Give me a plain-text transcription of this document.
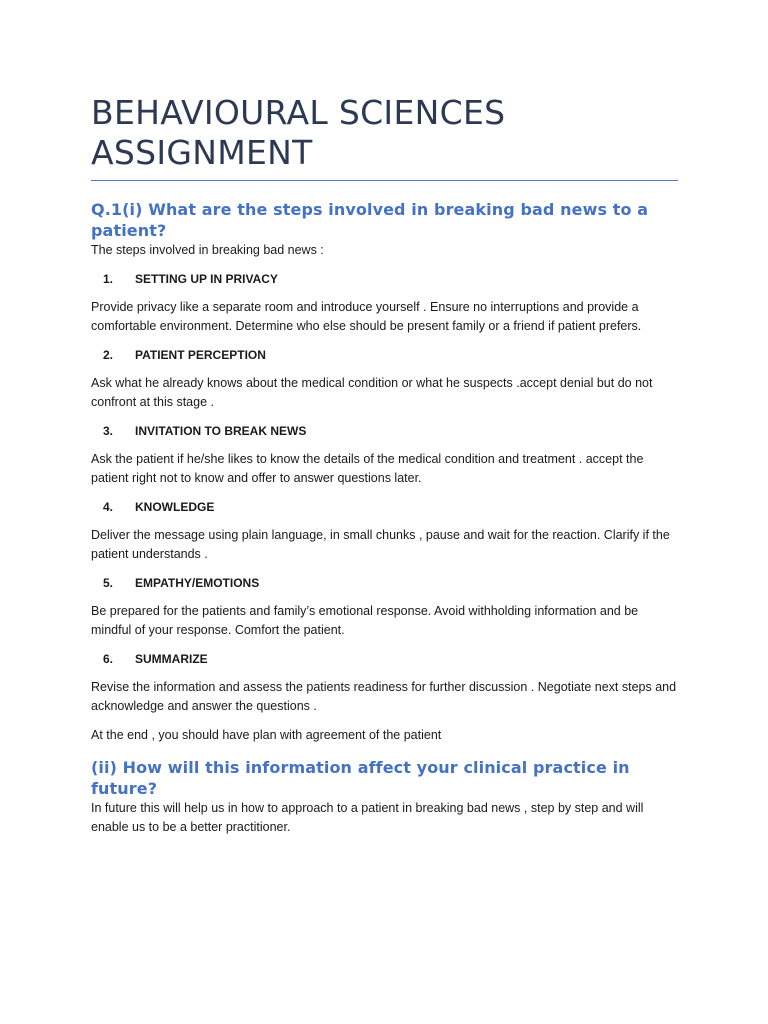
BEHAVIOURAL SCIENCES ASSIGNMENT
Q.1(i) What are the steps involved in breaking bad news to a patient?

The steps involved in breaking bad news :

1. SETTING UP IN PRIVACY

Provide privacy like a separate room and introduce yourself . Ensure no interruptions and provide a comfortable environment. Determine who else should be present family or a friend if patient prefers.

2. PATIENT PERCEPTION

Ask what he already knows about the medical condition or what he suspects .accept denial but do not confront at this stage .

3. INVITATION TO BREAK NEWS

Ask the patient if he/she likes to know the details of the medical condition and treatment . accept the patient right not to know and offer to answer questions later.

4. KNOWLEDGE

Deliver the message using plain language, in small chunks , pause and wait for the reaction. Clarify if the patient understands .

5. EMPATHY/EMOTIONS

Be prepared for the patients and family’s emotional response. Avoid withholding information and be mindful of your response. Comfort the patient.

6. SUMMARIZE

Revise the information and assess the patients readiness for further discussion . Negotiate next steps and acknowledge and answer the questions .

At the end , you should have plan with agreement of the patient

(ii) How will this information affect your clinical practice in future?

In future this will help us in how to approach to a patient in breaking bad news , step by step and will enable us to be a better practitioner.
